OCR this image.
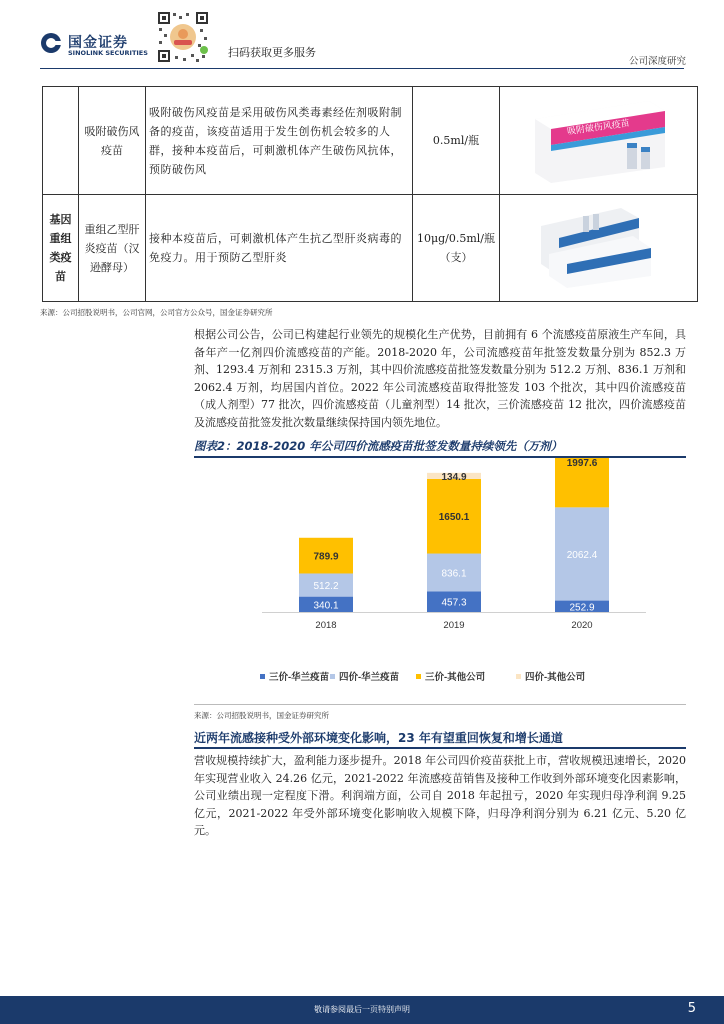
国金证券
SINOLINK SECURITIES	扫码获取更多服务
公司深度研究
	吸附破伤风疫苗	吸附破伤风疫苗是采用破伤风类毒素经佐剂吸附制备的疫苗，该疫苗适用于发生创伤机会较多的人群，接种本疫苗后，可刺激机体产生破伤风抗体，预防破伤风	0.5ml/瓶	吸附破伤风疫苗

基因重组类疫苗	重组乙型肝炎疫苗（汉逊酵母）	接种本疫苗后，可刺激机体产生抗乙型肝炎病毒的免疫力。用于预防乙型肝炎	10μg/0.5ml/瓶（支）	
来源：公司招股说明书，公司官网，公司官方公众号，国金证券研究所
根据公司公告，公司已构建起行业领先的规模化生产优势，目前拥有 6 个流感疫苗原液生产车间，具备年产一亿剂四价流感疫苗的产能。2018-2020 年，公司流感疫苗年批签发数量分别为 852.3 万剂、1293.4 万剂和 2315.3 万剂，其中四价流感疫苗批签发数量分别为 512.2 万剂、836.1 万剂和 2062.4 万剂，均居国内首位。2022 年公司流感疫苗取得批签发 103 个批次，其中四价流感疫苗（成人剂型）77 批次，四价流感疫苗（儿童剂型）14 批次，三价流感疫苗 12 批次，四价流感疫苗及流感疫苗批签发批次数量继续保持国内领先地位。
图表2：2018-2020 年公司四价流感疫苗批签发数量持续领先（万剂）
340.1
512.2
789.9
2018
457.3
836.1
1650.1
134.9
2019
252.9
2062.4
1997.6
2020
三价-华兰疫苗 四价-华兰疫苗	三价-其他公司	四价-其他公司
来源：公司招股说明书，国金证券研究所
近两年流感接种受外部环境变化影响，23 年有望重回恢复和增长通道
营收规模持续扩大，盈利能力逐步提升。2018 年公司四价疫苗获批上市，营收规模迅速增长，2020 年实现营业收入 24.26 亿元，2021-2022 年流感疫苗销售及接种工作收到外部环境变化因素影响，公司业绩出现一定程度下滑。利润端方面，公司自 2018 年起扭亏，2020 年实现归母净利润 9.25 亿元，2021-2022 年受外部环境变化影响收入规模下降，归母净利润分别为 6.21 亿元、5.20 亿元。
敬请参阅最后一页特别声明	5
